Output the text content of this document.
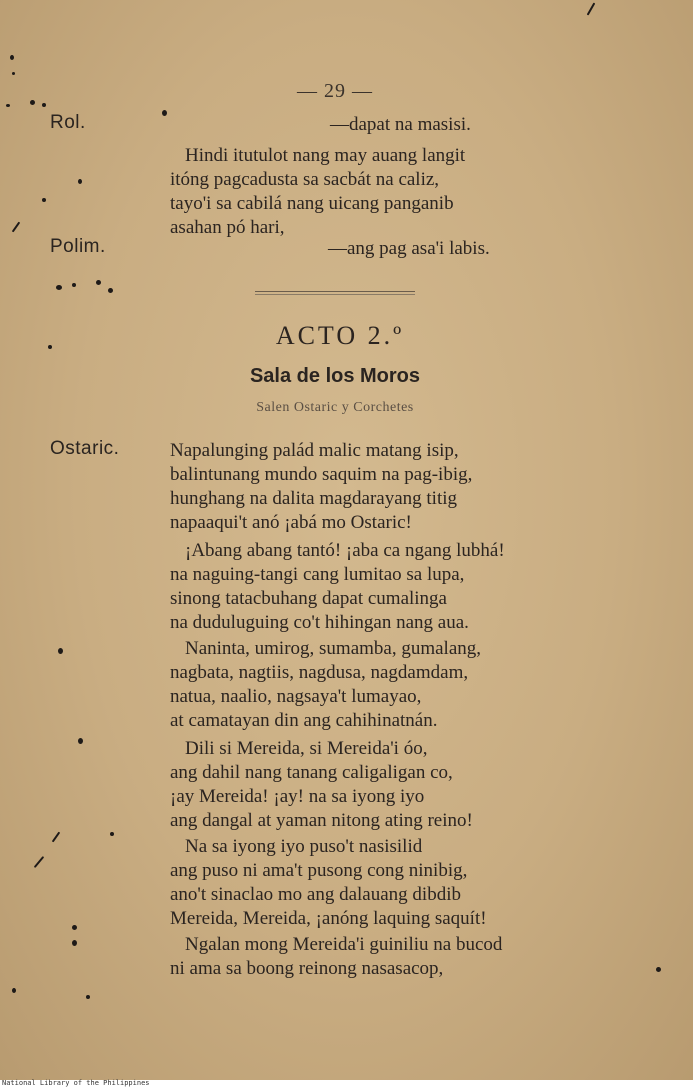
— 29 —
Rol.	—dapat na masisi.
Hindi itutulot nang may auang langit
itóng pagcadusta sa sacbát na caliz,
tayo'i sa cabilá nang uicang panganib
asahan pó hari,
Polim.	—ang pag asa'i labis.
ACTO 2.º
Sala de los Moros
Salen Ostaric y Corchetes
Ostaric.	Napalunging palád malic matang isip,
balintunang mundo saquim na pag-ibig,
hunghang na dalita magdarayang titig
napaaqui't anó ¡abá mo Ostaric!
¡Abang abang tantó! ¡aba ca ngang lubhá!
na naguing-tangi cang lumitao sa lupa,
sinong tatacbuhang dapat cumalinga
na duduluguing co't hihingan nang aua.
Naninta, umirog, sumamba, gumalang,
nagbata, nagtiis, nagdusa, nagdamdam,
natua, naalio, nagsaya't lumayao,
at camatayan din ang cahihinatnán.
Dili si Mereida, si Mereida'i óo,
ang dahil nang tanang caligaligan co,
¡ay Mereida! ¡ay! na sa iyong iyo
ang dangal at yaman nitong ating reino!
Na sa iyong iyo puso't nasisilid
ang puso ni ama't pusong cong ninibig,
ano't sinaclao mo ang dalauang dibdib
Mereida, Mereida, ¡anóng laquing saquít!
Ngalan mong Mereida'i guiniliu na bucod
ni ama sa boong reinong nasasacop,
National Library of the Philippines
